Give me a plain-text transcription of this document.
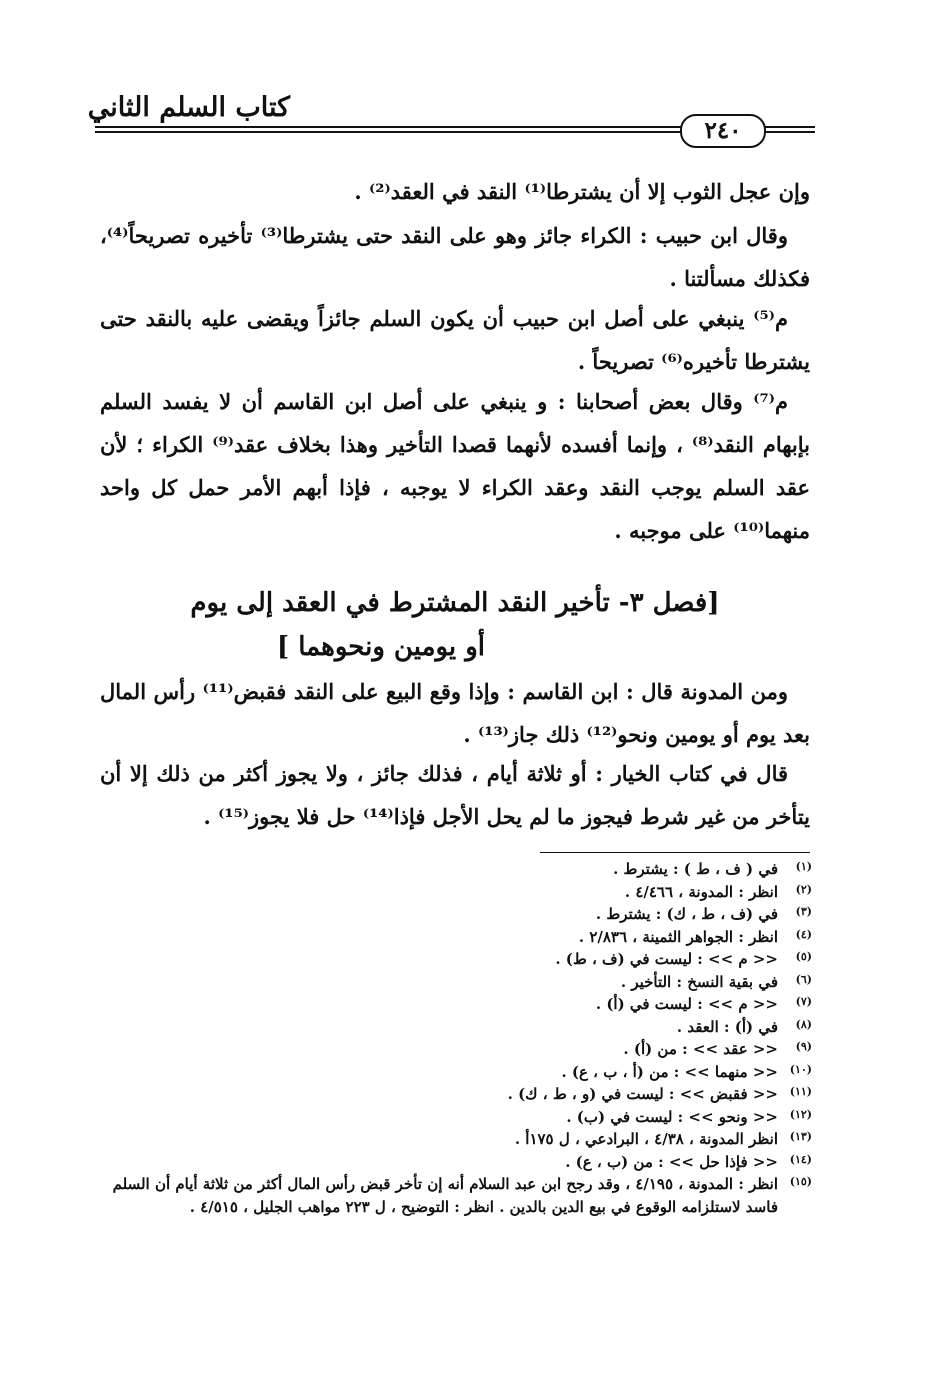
كتاب السلم الثاني
٢٤٠
وإن عجل الثوب إلا أن يشترطا⁽¹⁾ النقد في العقد⁽²⁾ .
وقال ابن حبيب : الكراء جائز وهو على النقد حتى يشترطا⁽³⁾ تأخيره تصريحاً⁽⁴⁾، فكذلك مسألتنا .
م⁽⁵⁾ ينبغي على أصل ابن حبيب أن يكون السلم جائزاً ويقضى عليه بالنقد حتى يشترطا تأخيره⁽⁶⁾ تصريحاً .
م⁽⁷⁾ وقال بعض أصحابنا : و ينبغي على أصل ابن القاسم أن لا يفسد السلم بإبهام النقد⁽⁸⁾ ، وإنما أفسده لأنهما قصدا التأخير وهذا بخلاف عقد⁽⁹⁾ الكراء ؛ لأن عقد السلم يوجب النقد وعقد الكراء لا يوجبه ، فإذا أبهم الأمر حمل كل واحد منهما⁽¹⁰⁾ على موجبه .
[فصل ٣- تأخير النقد المشترط في العقد إلى يوم
أو يومين ونحوهما ]
ومن المدونة قال : ابن القاسم : وإذا وقع البيع على النقد فقبض⁽¹¹⁾ رأس المال بعد يوم أو يومين ونحو⁽¹²⁾ ذلك جاز⁽¹³⁾ .
قال في كتاب الخيار : أو ثلاثة أيام ، فذلك جائز ، ولا يجوز أكثر من ذلك إلا أن يتأخر من غير شرط فيجوز ما لم يحل الأجل فإذا⁽¹⁴⁾ حل فلا يجوز⁽¹⁵⁾ .
(١)
في ( ف ، ط ) : يشترط .
(٢)
انظر : المدونة ، ٤/٤٦٦ .
(٣)
في (ف ، ط ، ك) : يشترط .
(٤)
انظر : الجواهر الثمينة ، ٢/٨٣٦ .
(٥)
<< م >> : ليست في (ف ، ط) .
(٦)
في بقية النسخ : التأخير .
(٧)
<< م >> : ليست في (أ) .
(٨)
في (أ) : العقد .
(٩)
<< عقد >> : من (أ) .
(١٠)
<< منهما >> : من (أ ، ب ، ع) .
(١١)
<< فقبض >> : ليست في (و ، ط ، ك) .
(١٢)
<< ونحو >> : ليست في (ب) .
(١٣)
انظر المدونة ، ٤/٣٨ ، البرادعي ، ل ١٧٥أ .
(١٤)
<< فإذا حل >> : من (ب ، ع) .
(١٥)
انظر : المدونة ، ٤/١٩٥ ، وقد رجح ابن عبد السلام أنه إن تأخر قبض رأس المال أكثر من ثلاثة أيام أن السلم فاسد لاستلزامه الوقوع في بيع الدين بالدين . انظر : التوضيح ، ل ٢٢٣ مواهب الجليل ، ٤/٥١٥ .
